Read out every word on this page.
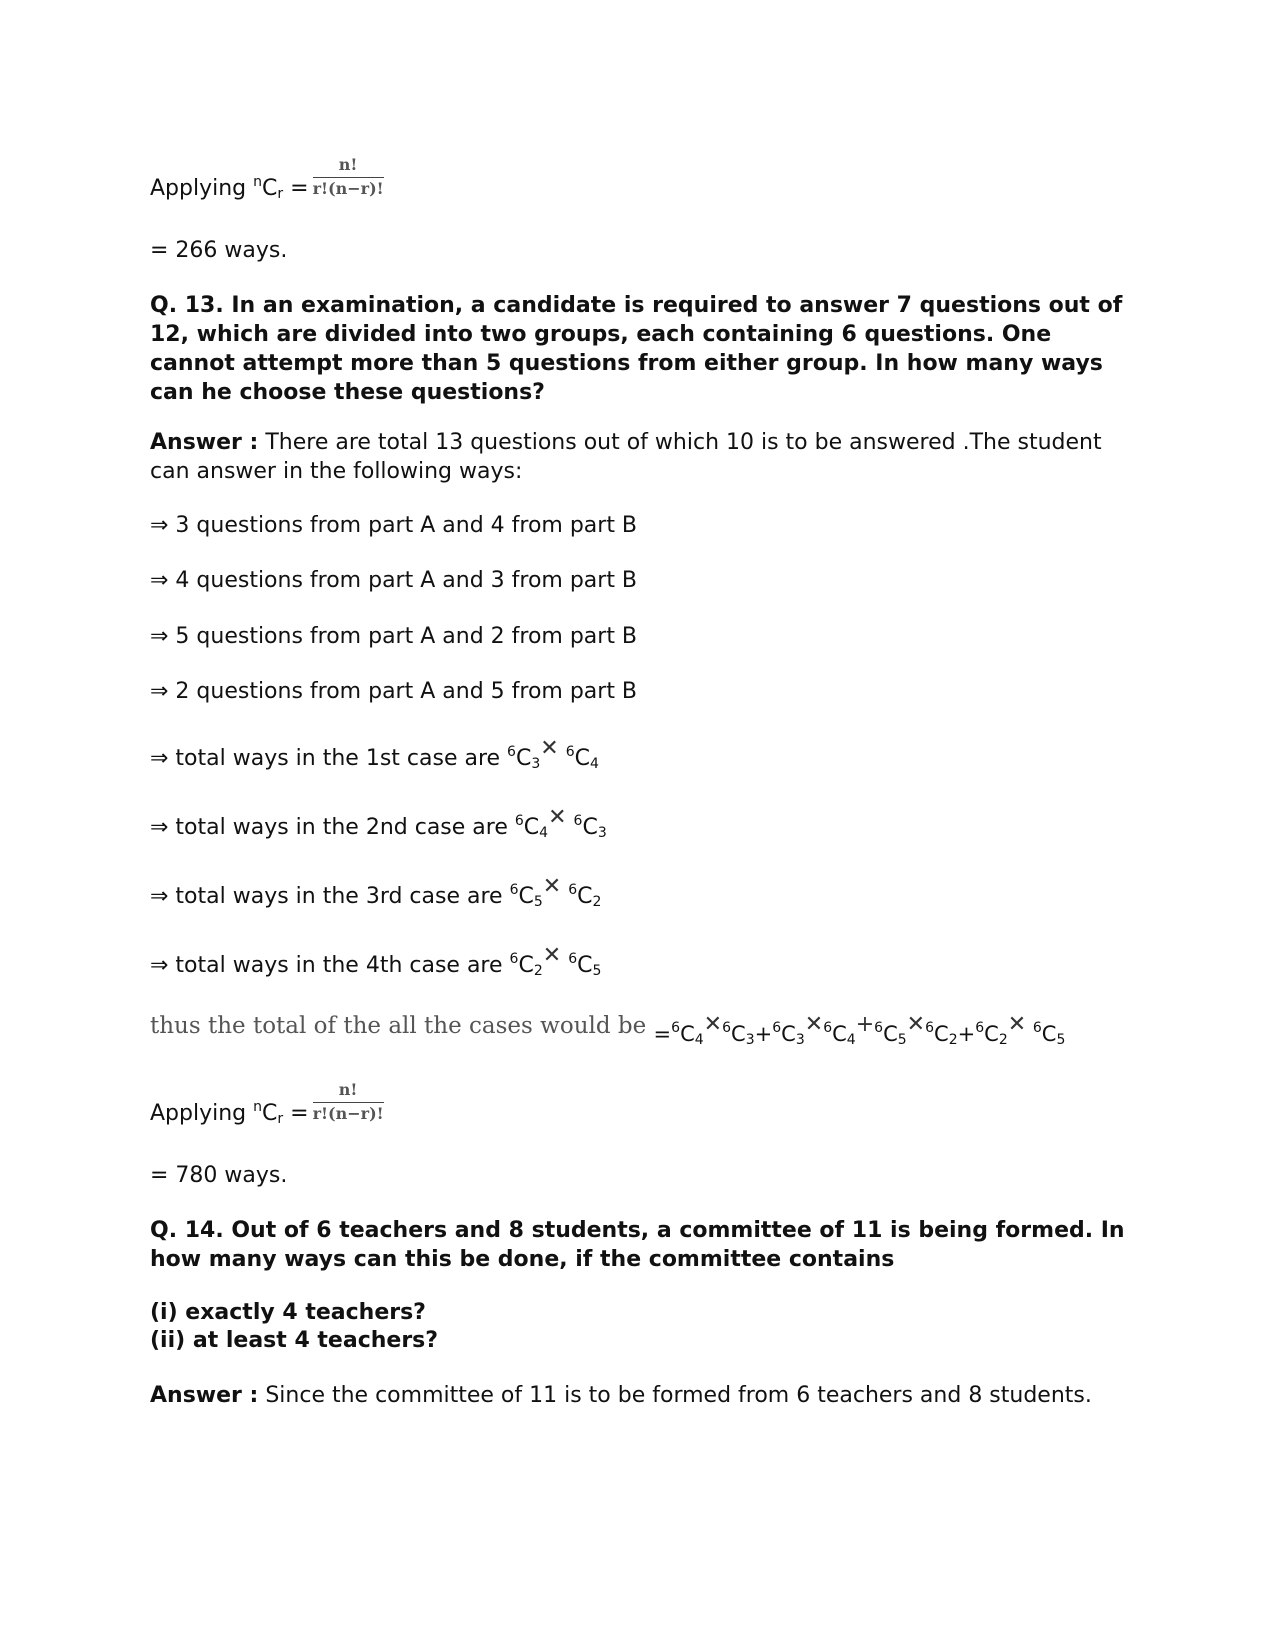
Applying $^nCr = \frac{n!}{r!(n-r)!}$
= 266 ways.
Q. 13. In an examination, a candidate is required to answer 7 questions out of 12, which are divided into two groups, each containing 6 questions. One cannot attempt more than 5 questions from either group. In how many ways can he choose these questions?
Answer : There are total 13 questions out of which 10 is to be answered .The student can answer in the following ways:
⇒ 3 questions from part A and 4 from part B
⇒ 4 questions from part A and 3 from part B
⇒ 5 questions from part A and 2 from part B
⇒ 2 questions from part A and 5 from part B
⇒ total ways in the 1st case are $^6$C3✕ $^6$C4
⇒ total ways in the 2nd case are $^6$C4✕ $^6$C3
⇒ total ways in the 3rd case are $^6$C5✕ $^6$C2
⇒ total ways in the 4th case are $^6$C2✕ $^6$C5
thus the total of the all the cases would be =$^6$C4✕$^6$C3+$^6$C3✕$^6$C4+$^6$C5✕$^6$C2+$^6$C2✕ $^6$C5
Applying $^nCr = \frac{n!}{r!(n-r)!}$
= 780 ways.
Q. 14. Out of 6 teachers and 8 students, a committee of 11 is being formed. In how many ways can this be done, if the committee contains
(i) exactly 4 teachers?
(ii) at least 4 teachers?
Answer : Since the committee of 11 is to be formed from 6 teachers and 8 students.
